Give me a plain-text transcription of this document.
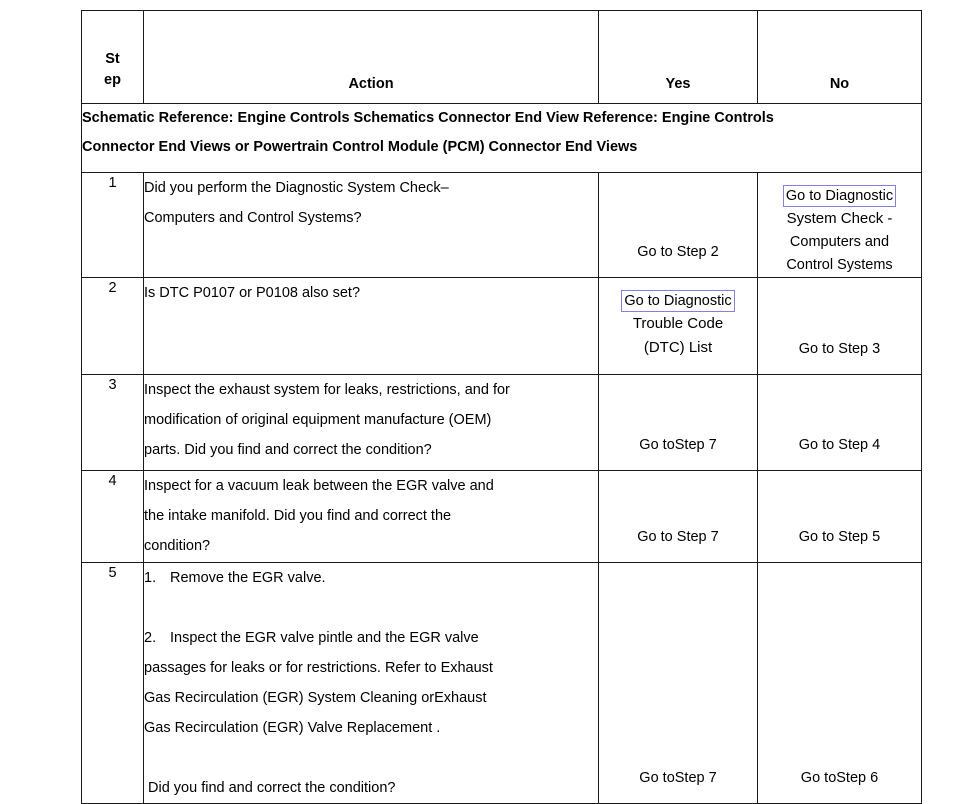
St
ep	Action	Yes	No

Schematic Reference: Engine Controls Schematics Connector End View Reference: Engine Controls
Connector End Views or Powertrain Control Module (PCM) Connector End Views			

1	Did you perform the Diagnostic System Check–
Computers and Control Systems?	Go to Step 2	Go to Diagnostic
System Check -
Computers and
Control Systems

2	Is DTC P0107 or P0108 also set?	Go to Diagnostic
Trouble Code
(DTC) List	Go to Step 3

3	Inspect the exhaust system for leaks, restrictions, and for
modification of original equipment manufacture (OEM)
parts. Did you find and correct the condition?	Go toStep 7	Go to Step 4

4	Inspect for a vacuum leak between the EGR valve and
the intake manifold. Did you find and correct the
condition?	Go to Step 7	Go to Step 5

5	1. Remove the EGR valve.
2. Inspect the EGR valve pintle and the EGR valve
passages for leaks or for restrictions. Refer to Exhaust
Gas Recirculation (EGR) System Cleaning orExhaust
Gas Recirculation (EGR) Valve Replacement .
Did you find and correct the condition?

Go toStep 7	Go toStep 6
